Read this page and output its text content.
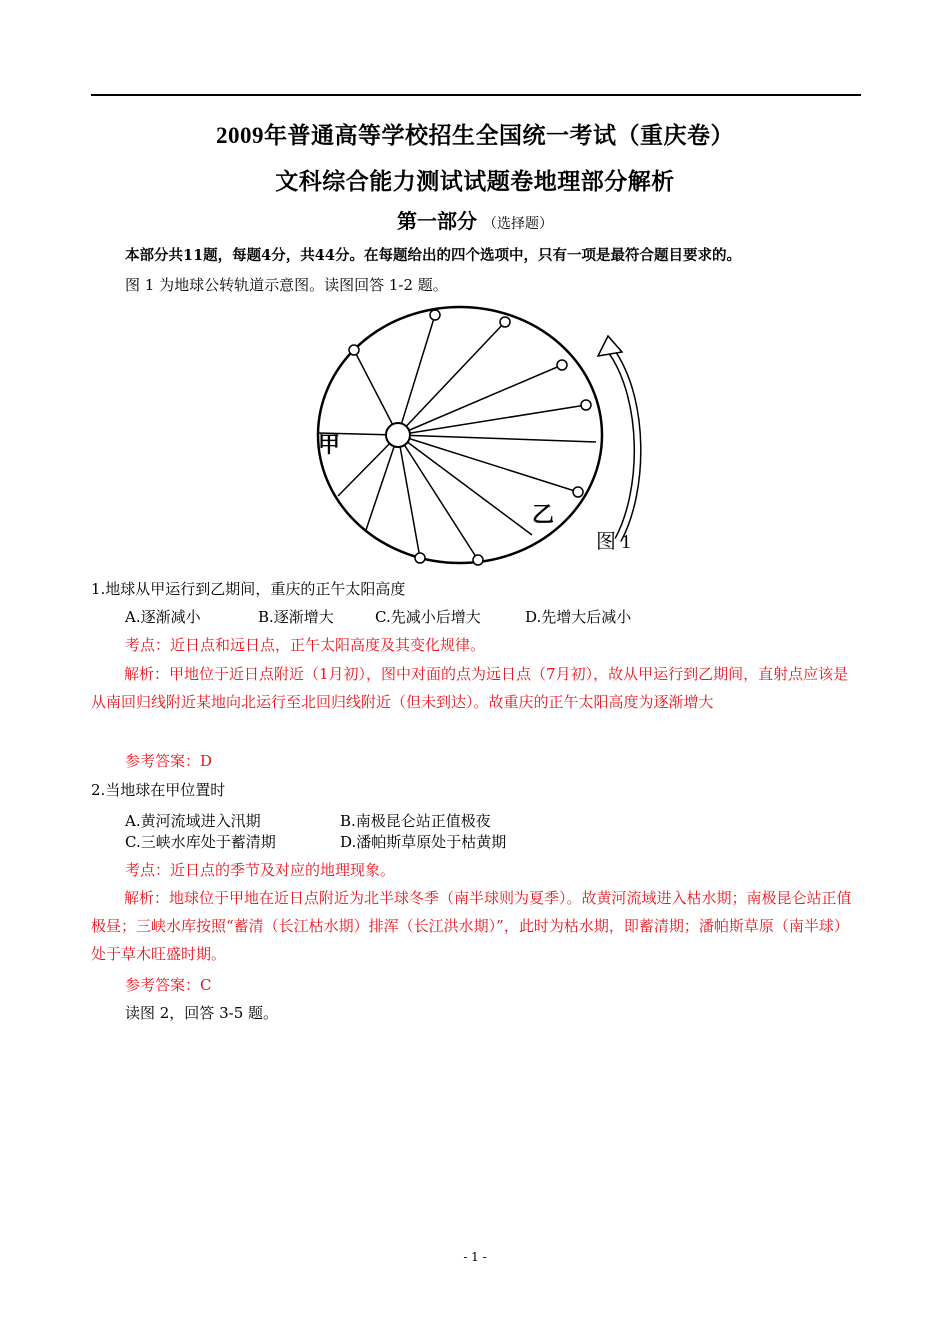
2009年普通高等学校招生全国统一考试（重庆卷）
文科综合能力测试试题卷地理部分解析
第一部分 （选择题）
本部分共11题，每题4分，共44分。在每题给出的四个选项中，只有一项是最符合题目要求的。
图 1 为地球公转轨道示意图。读图回答 1-2 题。
甲
乙
图 1
1.地球从甲运行到乙期间，重庆的正午太阳高度
A.逐渐减小	B.逐渐增大	C.先减小后增大	D.先增大后减小
考点：近日点和远日点，正午太阳高度及其变化规律。
解析：甲地位于近日点附近（1月初），图中对面的点为远日点（7月初），故从甲运行到乙期间，直射点应该是从南回归线附近某地向北运行至北回归线附近（但未到达）。故重庆的正午太阳高度为逐渐增大
参考答案：D
2.当地球在甲位置时
A.黄河流域进入汛期	B.南极昆仑站正值极夜
C.三峡水库处于蓄清期	D.潘帕斯草原处于枯黄期
考点：近日点的季节及对应的地理现象。
解析：地球位于甲地在近日点附近为北半球冬季（南半球则为夏季）。故黄河流域进入枯水期；南极昆仑站正值极昼；三峡水库按照“蓄清（长江枯水期）排浑（长江洪水期）”，此时为枯水期，即蓄清期；潘帕斯草原（南半球）处于草木旺盛时期。
参考答案：C
读图 2，回答 3-5 题。
- 1 -
